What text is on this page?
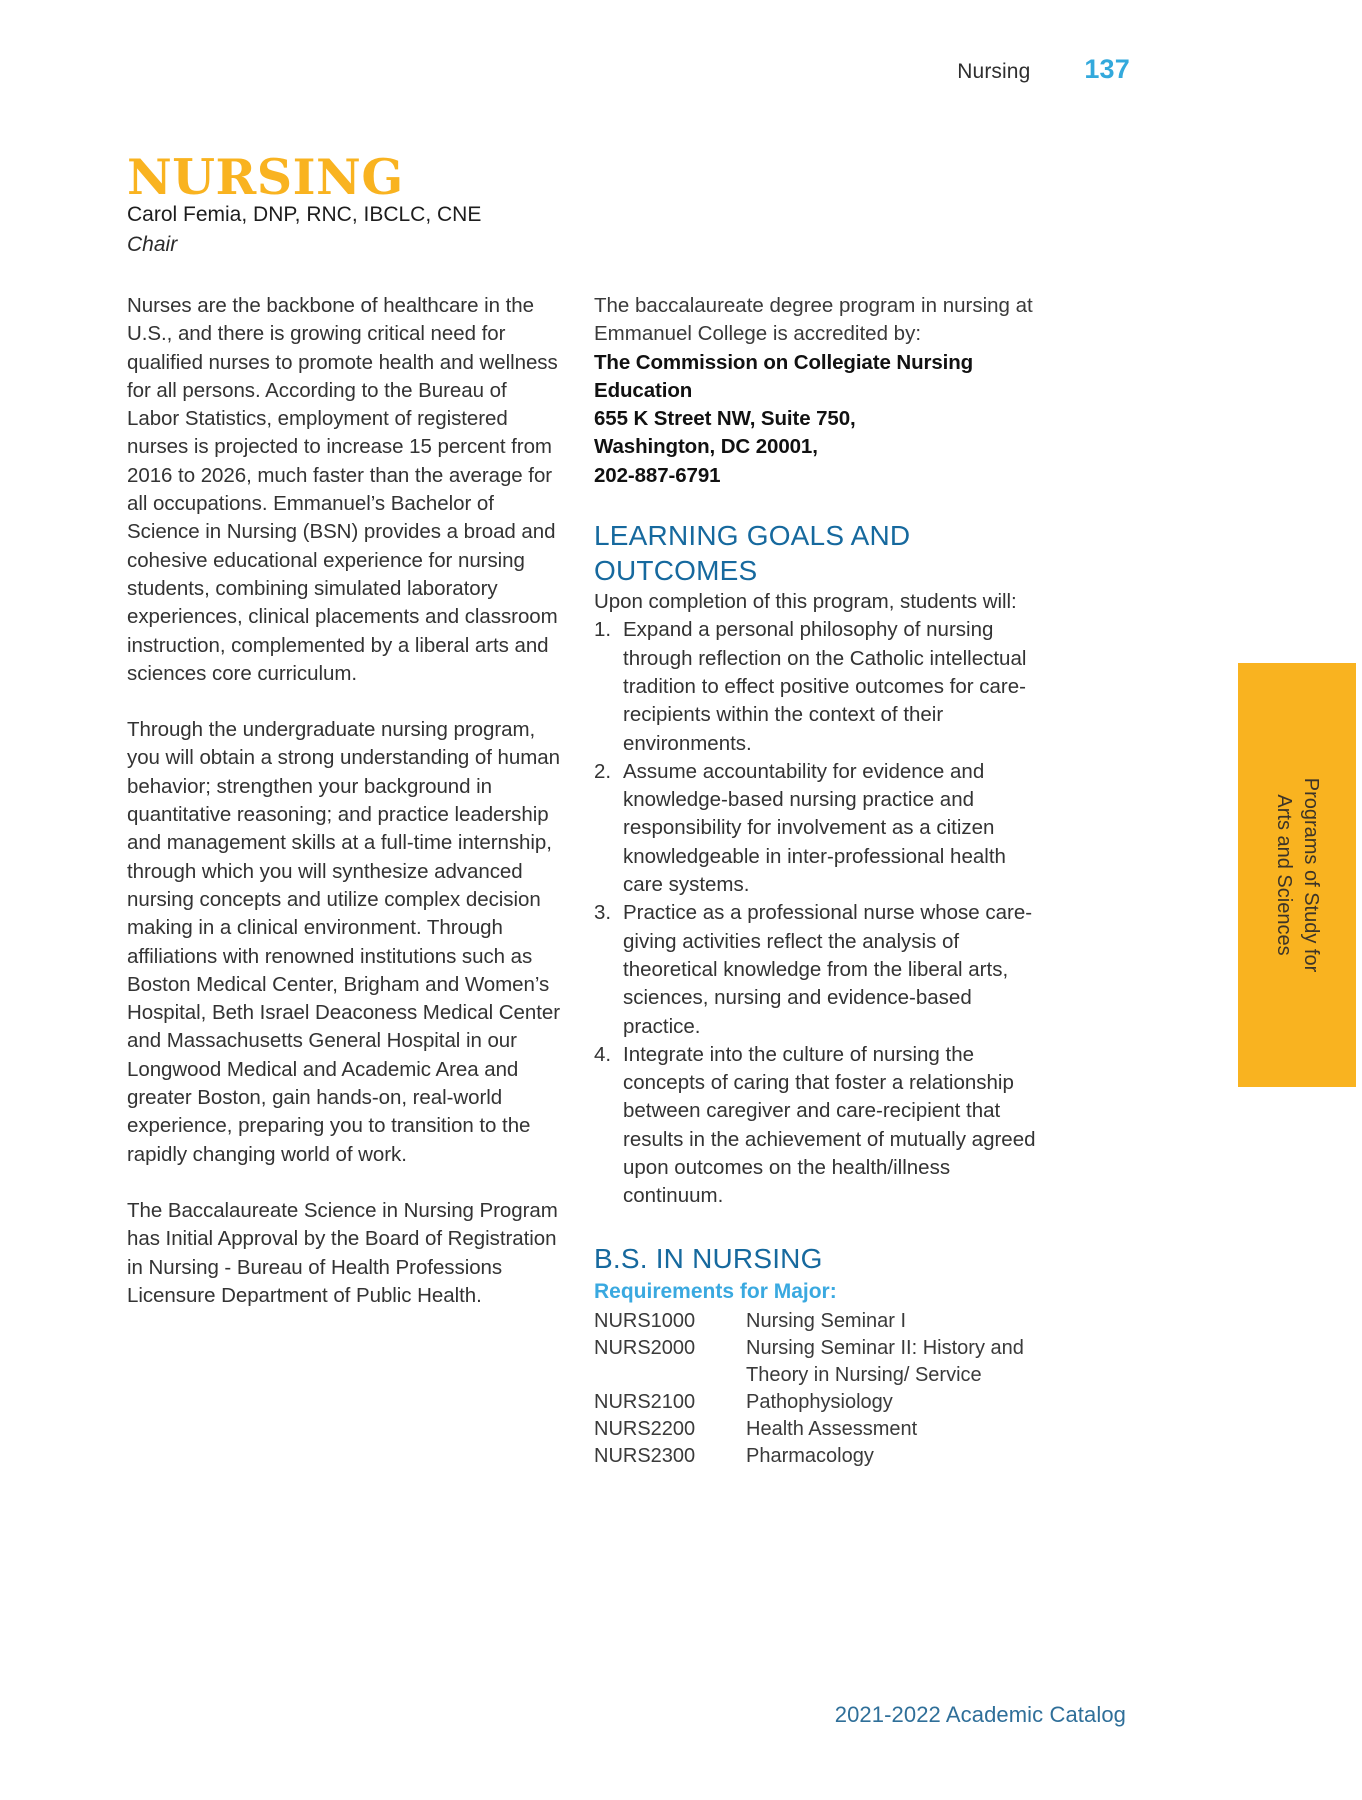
Nursing 137
NURSING
Carol Femia, DNP, RNC, IBCLC, CNE
Chair

Nurses are the backbone of healthcare in the U.S., and there is growing critical need for qualified nurses to promote health and wellness for all persons. According to the Bureau of Labor Statistics, employment of registered nurses is projected to increase 15 percent from 2016 to 2026, much faster than the average for all occupations. Emmanuel’s Bachelor of Science in Nursing (BSN) provides a broad and cohesive educational experience for nursing students, combining simulated laboratory experiences, clinical placements and classroom instruction, complemented by a liberal arts and sciences core curriculum.

Through the undergraduate nursing program, you will obtain a strong understanding of human behavior; strengthen your background in quantitative reasoning; and practice leadership and management skills at a full-time internship, through which you will synthesize advanced nursing concepts and utilize complex decision making in a clinical environment. Through affiliations with renowned institutions such as Boston Medical Center, Brigham and Women’s Hospital, Beth Israel Deaconess Medical Center and Massachusetts General Hospital in our Longwood Medical and Academic Area and greater Boston, gain hands-on, real-world experience, preparing you to transition to the rapidly changing world of work.

The Baccalaureate Science in Nursing Program has Initial Approval by the Board of Registration in Nursing - Bureau of Health Professions Licensure Department of Public Health.

The baccalaureate degree program in nursing at Emmanuel College is accredited by:

The Commission on Collegiate Nursing Education

655 K Street NW, Suite 750,

Washington, DC 20001,

202-887-6791

LEARNING GOALS AND OUTCOMES

Upon completion of this program, students will:

Expand a personal philosophy of nursing through reflection on the Catholic intellectual tradition to effect positive outcomes for care-recipients within the context of their environments.
Assume accountability for evidence and knowledge-based nursing practice and responsibility for involvement as a citizen knowledgeable in inter-professional health care systems.
Practice as a professional nurse whose care-giving activities reflect the analysis of theoretical knowledge from the liberal arts, sciences, nursing and evidence-based practice.
Integrate into the culture of nursing the concepts of caring that foster a relationship between caregiver and care-recipient that results in the achievement of mutually agreed upon outcomes on the health/illness continuum.
B.S. IN NURSING
Requirements for Major:
NURS1000	Nursing Seminar I
NURS2000	Nursing Seminar II: History and Theory in Nursing/ Service
NURS2100	Pathophysiology
NURS2200	Health Assessment
NURS2300	Pharmacology
Programs of Study for
Arts and Sciences
2021-2022 Academic Catalog
